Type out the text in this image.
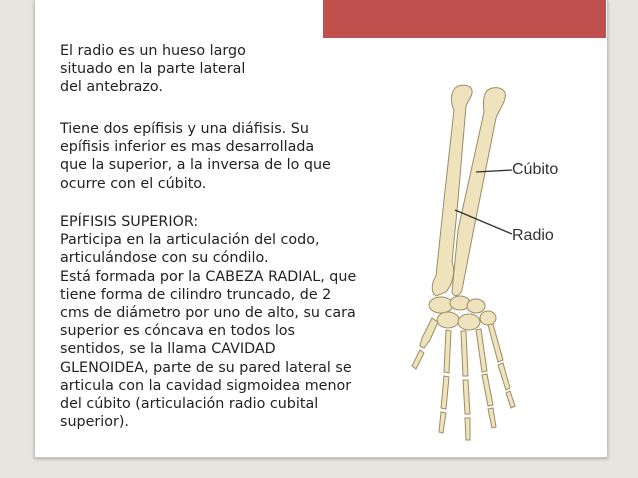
El radio es un hueso largo
situado en la parte lateral
del antebrazo.

Tiene dos epífisis y una diáfisis. Su
epífisis inferior es mas desarrollada
que la superior, a la inversa de lo que
ocurre con el cúbito.

EPÍFISIS SUPERIOR:
Participa en la articulación del codo,
articulándose con su cóndilo.
Está formada por la CABEZA RADIAL, que
tiene forma de cilindro truncado, de 2
cms de diámetro por uno de alto, su cara
superior es cóncava en todos los
sentidos, se la llama CAVIDAD
GLENOIDEA, parte de su pared lateral se
articula con la cavidad sigmoidea menor
del cúbito (articulación radio cubital
superior).

Cúbito
Radio
